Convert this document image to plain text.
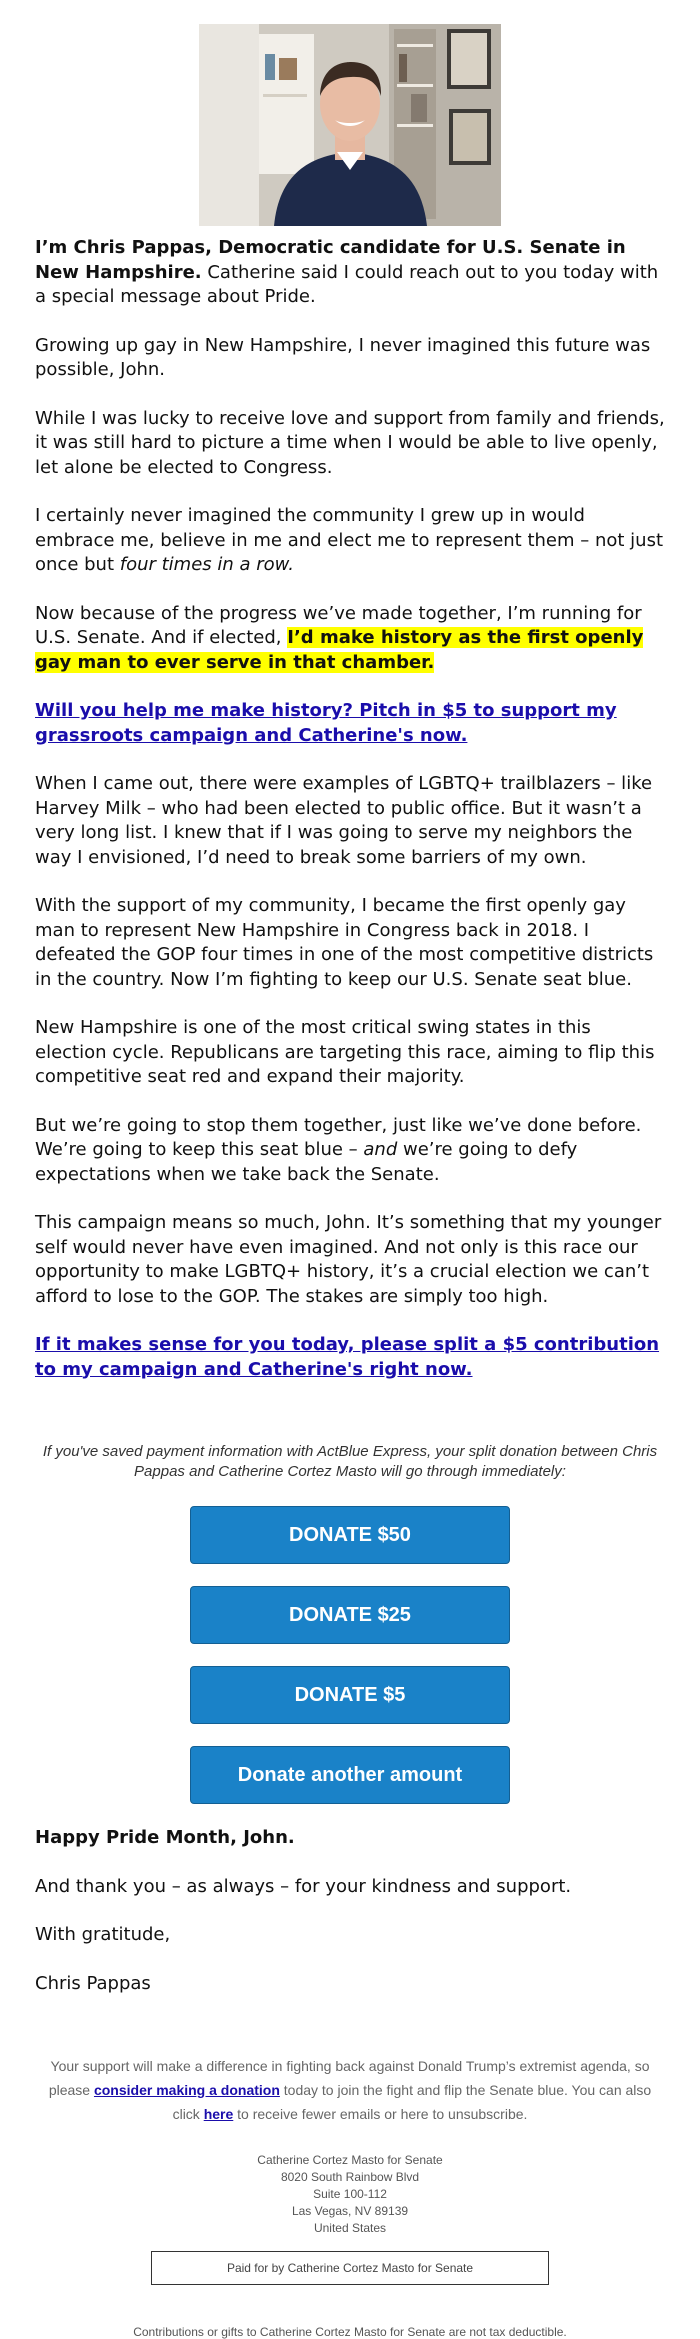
I’m Chris Pappas, Democratic candidate for U.S. Senate in New Hampshire. Catherine said I could reach out to you today with a special message about Pride.

Growing up gay in New Hampshire, I never imagined this future was possible, John.

While I was lucky to receive love and support from family and friends, it was still hard to picture a time when I would be able to live openly, let alone be elected to Congress.

I certainly never imagined the community I grew up in would embrace me, believe in me and elect me to represent them – not just once but four times in a row.

Now because of the progress we’ve made together, I’m running for U.S. Senate. And if elected, I’d make history as the first openly gay man to ever serve in that chamber.

Will you help me make history? Pitch in $5 to support my grassroots campaign and Catherine's now.

When I came out, there were examples of LGBTQ+ trailblazers – like Harvey Milk – who had been elected to public office. But it wasn’t a very long list. I knew that if I was going to serve my neighbors the way I envisioned, I’d need to break some barriers of my own.

With the support of my community, I became the first openly gay man to represent New Hampshire in Congress back in 2018. I defeated the GOP four times in one of the most competitive districts in the country. Now I’m fighting to keep our U.S. Senate seat blue.

New Hampshire is one of the most critical swing states in this election cycle. Republicans are targeting this race, aiming to flip this competitive seat red and expand their majority.

But we’re going to stop them together, just like we’ve done before. We’re going to keep this seat blue – and we’re going to defy expectations when we take back the Senate.

This campaign means so much, John. It’s something that my younger self would never have even imagined. And not only is this race our opportunity to make LGBTQ+ history, it’s a crucial election we can’t afford to lose to the GOP. The stakes are simply too high.

If it makes sense for you today, please split a $5 contribution to my campaign and Catherine's right now.

If you've saved payment information with ActBlue Express, your split donation between Chris Pappas and Catherine Cortez Masto will go through immediately:

DONATE $50
DONATE $25
DONATE $5
Donate another amount

Happy Pride Month, John.

And thank you – as always – for your kindness and support.

With gratitude,

Chris Pappas

Your support will make a difference in fighting back against Donald Trump’s extremist agenda, so please consider making a donation today to join the fight and flip the Senate blue. You can also click here to receive fewer emails or here to unsubscribe.

Catherine Cortez Masto for Senate
8020 South Rainbow Blvd
Suite 100-112
Las Vegas, NV 89139
United States
Paid for by Catherine Cortez Masto for Senate
Contributions or gifts to Catherine Cortez Masto for Senate are not tax deductible.
